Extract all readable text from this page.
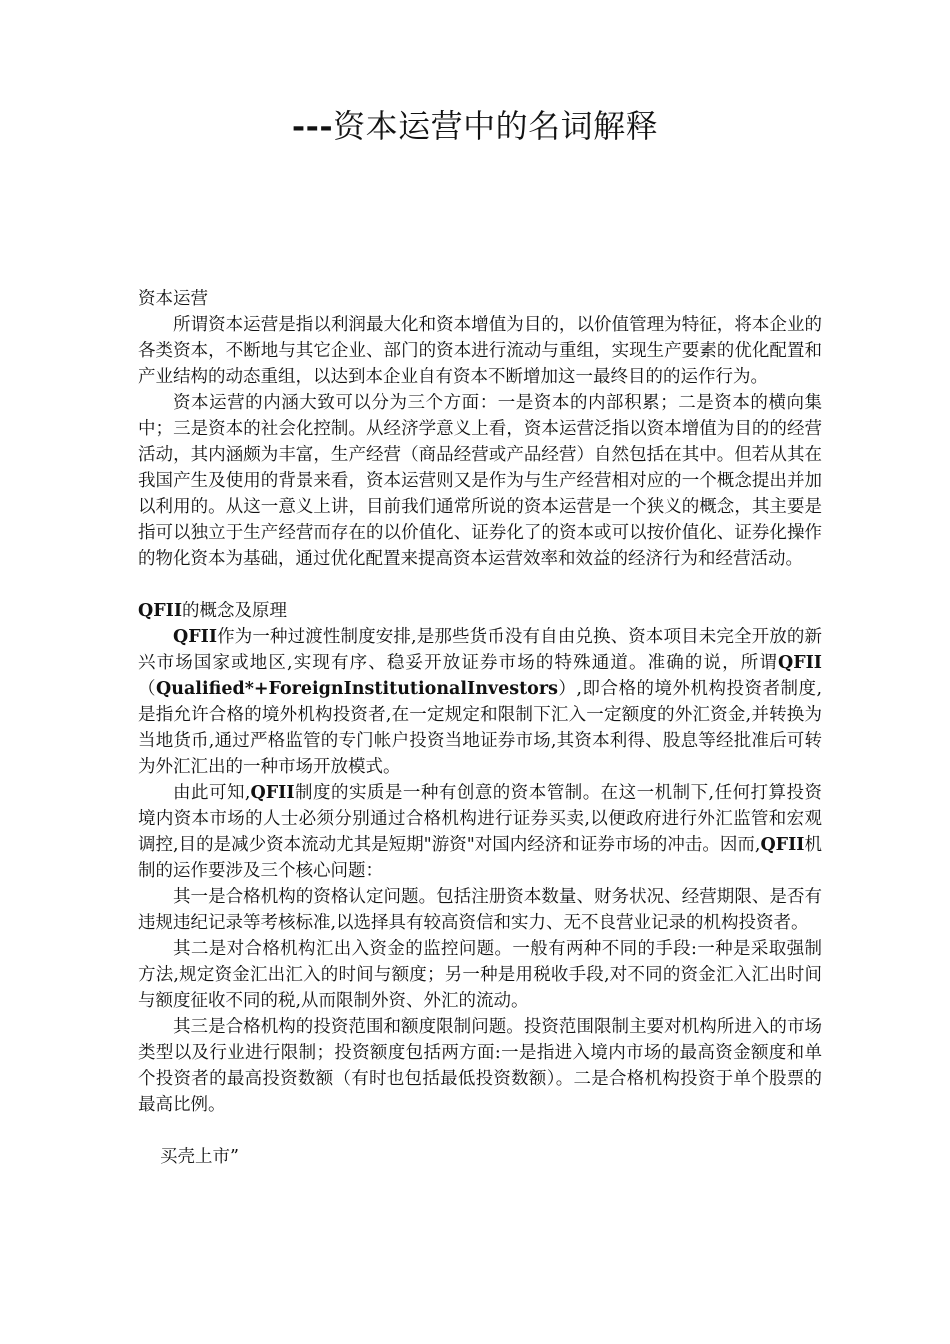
---资本运营中的名词解释

资本运营

所谓资本运营是指以利润最大化和资本增值为目的，以价值管理为特征，将本企业的各类资本，不断地与其它企业、部门的资本进行流动与重组，实现生产要素的优化配置和产业结构的动态重组，以达到本企业自有资本不断增加这一最终目的的运作行为。

资本运营的内涵大致可以分为三个方面：一是资本的内部积累；二是资本的横向集中；三是资本的社会化控制。从经济学意义上看，资本运营泛指以资本增值为目的的经营活动，其内涵颇为丰富，生产经营（商品经营或产品经营）自然包括在其中。但若从其在我国产生及使用的背景来看，资本运营则又是作为与生产经营相对应的一个概念提出并加以利用的。从这一意义上讲，目前我们通常所说的资本运营是一个狭义的概念，其主要是指可以独立于生产经营而存在的以价值化、证券化了的资本或可以按价值化、证券化操作的物化资本为基础，通过优化配置来提高资本运营效率和效益的经济行为和经营活动。

QFII的概念及原理

QFII作为一种过渡性制度安排,是那些货币没有自由兑换、资本项目未完全开放的新兴市场国家或地区,实现有序、稳妥开放证券市场的特殊通道。准确的说，所谓QFII（Qualified*+ForeignInstitutionalInvestors）,即合格的境外机构投资者制度,是指允许合格的境外机构投资者,在一定规定和限制下汇入一定额度的外汇资金,并转换为当地货币,通过严格监管的专门帐户投资当地证券市场,其资本利得、股息等经批准后可转为外汇汇出的一种市场开放模式。

由此可知,QFII制度的实质是一种有创意的资本管制。在这一机制下,任何打算投资境内资本市场的人士必须分别通过合格机构进行证券买卖,以便政府进行外汇监管和宏观调控,目的是减少资本流动尤其是短期"游资"对国内经济和证券市场的冲击。因而,QFII机制的运作要涉及三个核心问题：

其一是合格机构的资格认定问题。包括注册资本数量、财务状况、经营期限、是否有违规违纪记录等考核标准,以选择具有较高资信和实力、无不良营业记录的机构投资者。

其二是对合格机构汇出入资金的监控问题。一般有两种不同的手段:一种是采取强制方法,规定资金汇出汇入的时间与额度；另一种是用税收手段,对不同的资金汇入汇出时间与额度征收不同的税,从而限制外资、外汇的流动。

其三是合格机构的投资范围和额度限制问题。投资范围限制主要对机构所进入的市场类型以及行业进行限制；投资额度包括两方面:一是指进入境内市场的最高资金额度和单个投资者的最高投资数额（有时也包括最低投资数额）。二是合格机构投资于单个股票的最高比例。

买壳上市”
